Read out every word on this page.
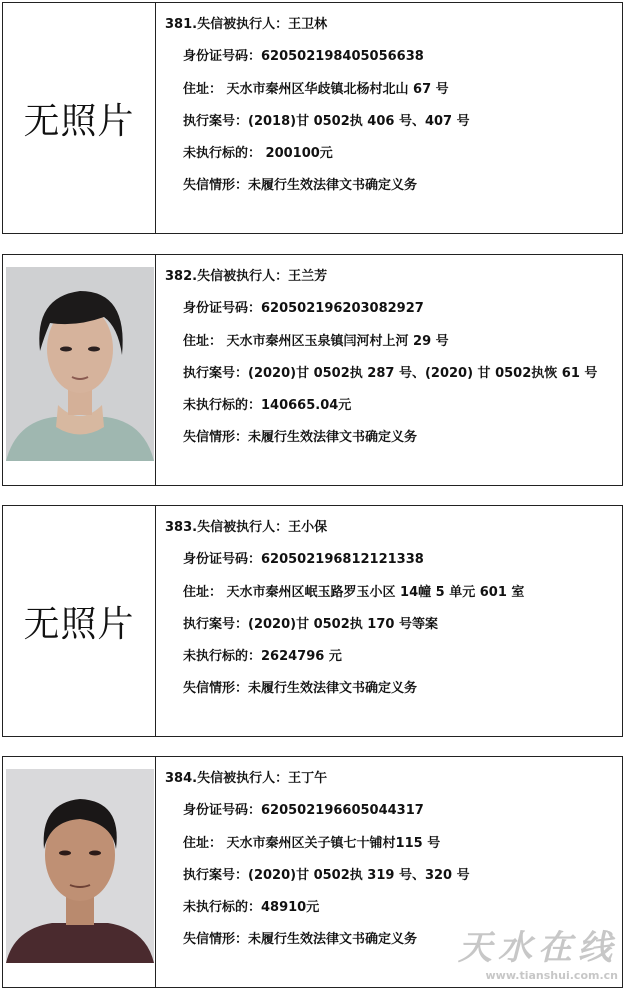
无照片
381.失信被执行人：王卫林
身份证号码：620502198405056638
住址： 天水市秦州区华歧镇北杨村北山 67 号
执行案号：(2018)甘 0502执 406 号、407 号
未执行标的： 200100元
失信情形：未履行生效法律文书确定义务
382.失信被执行人：王兰芳
身份证号码：620502196203082927
住址： 天水市秦州区玉泉镇闫河村上河 29 号
执行案号：(2020)甘 0502执 287 号、(2020) 甘 0502执恢 61 号
未执行标的：140665.04元
失信情形：未履行生效法律文书确定义务
无照片
383.失信被执行人：王小保
身份证号码：620502196812121338
住址： 天水市秦州区岷玉路罗玉小区 14幢 5 单元 601 室
执行案号：(2020)甘 0502执 170 号等案
未执行标的：2624796 元
失信情形：未履行生效法律文书确定义务
384.失信被执行人：王丁午
身份证号码：620502196605044317
住址： 天水市秦州区关子镇七十铺村115 号
执行案号：(2020)甘 0502执 319 号、320 号
未执行标的：48910元
失信情形：未履行生效法律文书确定义务	天水在线
www.tianshui.com.cn
